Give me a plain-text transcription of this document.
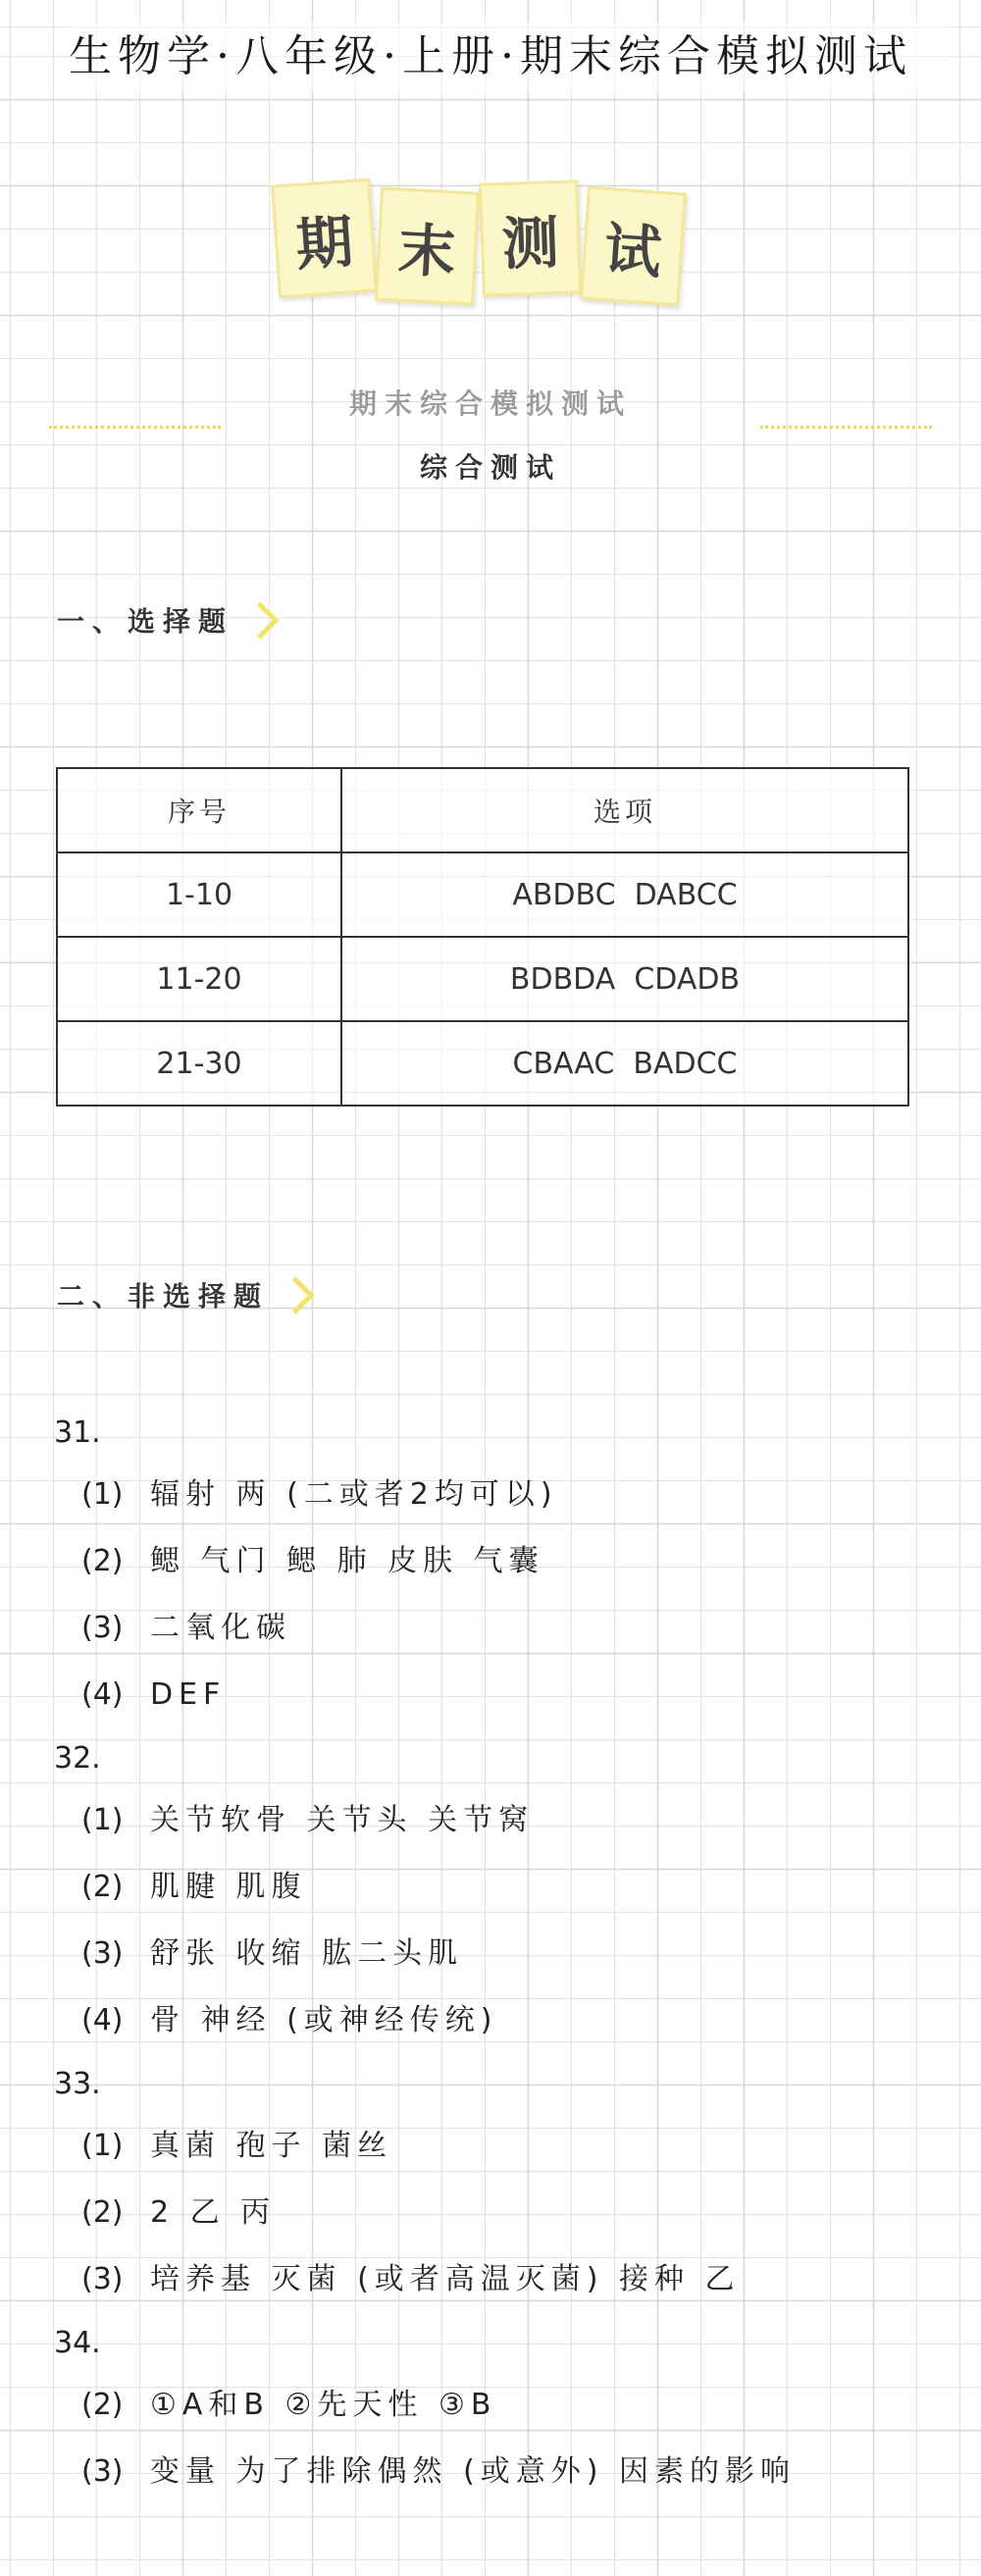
生物学·八年级·上册·期末综合模拟测试
期 末 测 试
期末综合模拟测试
综合测试
一、选择题
序号	选项
1-10	ABDBC  DABCC
11-20	BDBDA  CDADB
21-30	CBAAC  BADCC
二、非选择题
31.
(1) 辐射 两 (二或者2均可以)
(2) 鳃 气门 鳃 肺 皮肤 气囊
(3) 二氧化碳
(4) DEF
32.
(1) 关节软骨 关节头 关节窝
(2) 肌腱 肌腹
(3) 舒张 收缩 肱二头肌
(4) 骨 神经 (或神经传统)
33.
(1) 真菌 孢子 菌丝
(2) 2 乙 丙
(3) 培养基 灭菌 (或者高温灭菌) 接种 乙
34.
(2) ①A和B ②先天性 ③B
(3) 变量 为了排除偶然 (或意外) 因素的影响
